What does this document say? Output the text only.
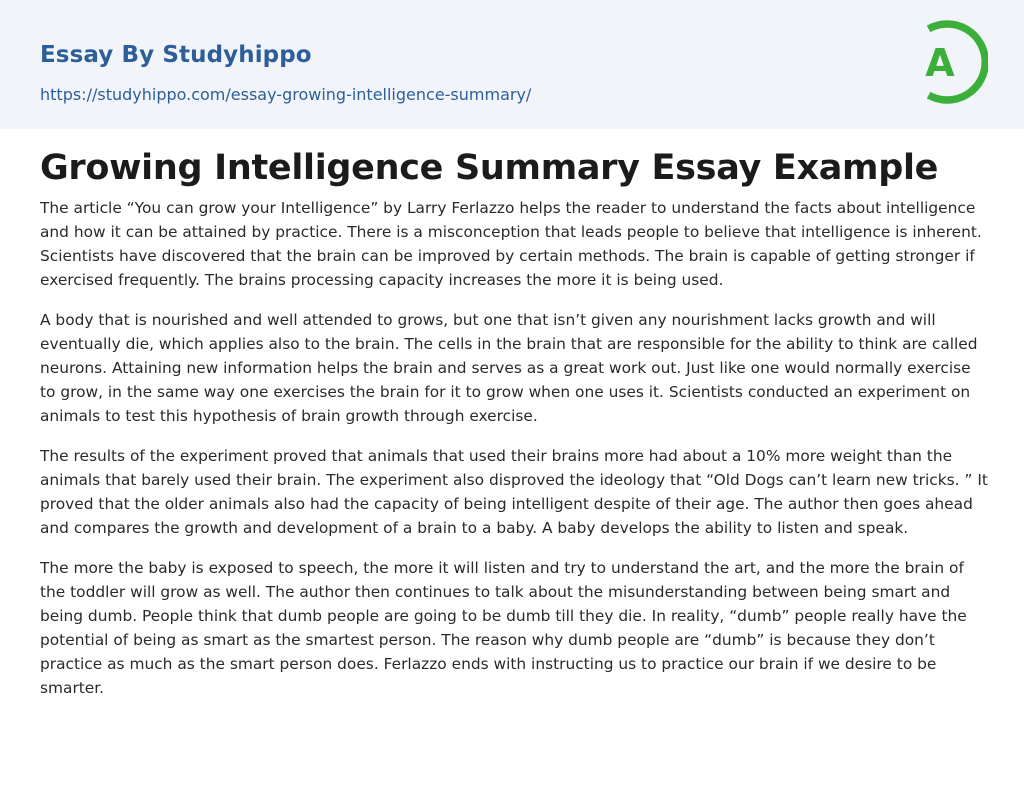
Essay By Studyhippo
https://studyhippo.com/essay-growing-intelligence-summary/
A
Growing Intelligence Summary Essay Example

The article “You can grow your Intelligence” by Larry Ferlazzo helps the reader to understand the facts about intelligence and how it can be attained by practice. There is a misconception that leads people to believe that intelligence is inherent. Scientists have discovered that the brain can be improved by certain methods. The brain is capable of getting stronger if exercised frequently. The brains processing capacity increases the more it is being used.

A body that is nourished and well attended to grows, but one that isn’t given any nourishment lacks growth and will eventually die, which applies also to the brain. The cells in the brain that are responsible for the ability to think are called neurons. Attaining new information helps the brain and serves as a great work out. Just like one would normally exercise to grow, in the same way one exercises the brain for it to grow when one uses it. Scientists conducted an experiment on animals to test this hypothesis of brain growth through exercise.

The results of the experiment proved that animals that used their brains more had about a 10% more weight than the animals that barely used their brain. The experiment also disproved the ideology that “Old Dogs can’t learn new tricks. ” It proved that the older animals also had the capacity of being intelligent despite of their age. The author then goes ahead and compares the growth and development of a brain to a baby. A baby develops the ability to listen and speak.

The more the baby is exposed to speech, the more it will listen and try to understand the art, and the more the brain of the toddler will grow as well. The author then continues to talk about the misunderstanding between being smart and being dumb. People think that dumb people are going to be dumb till they die. In reality, “dumb” people really have the potential of being as smart as the smartest person. The reason why dumb people are “dumb” is because they don’t practice as much as the smart person does. Ferlazzo ends with instructing us to practice our brain if we desire to be smarter.
